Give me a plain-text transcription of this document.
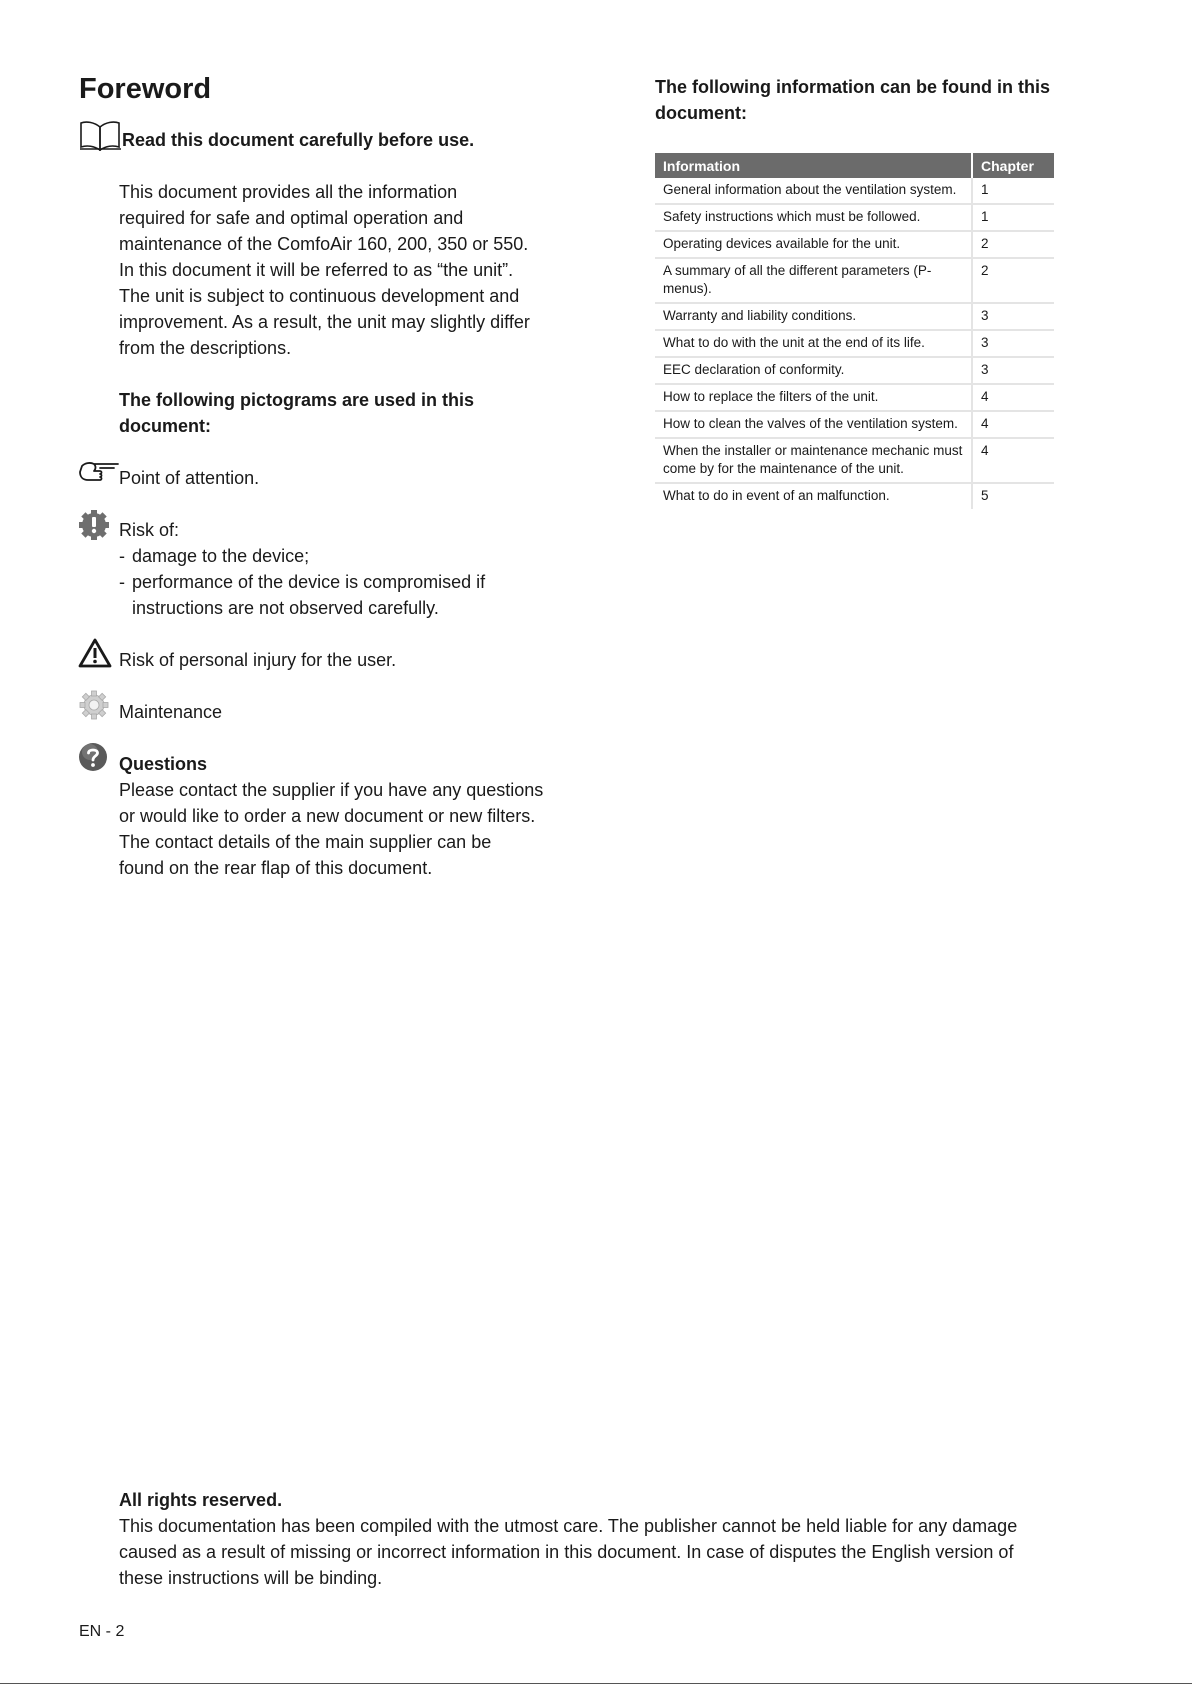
Foreword
Read this document carefully before use.

This document provides all the information

required for safe and optimal operation and

maintenance of the ComfoAir 160, 200, 350 or 550.

In this document it will be referred to as “the unit”.

The unit is subject to continuous development and

improvement. As a result, the unit may slightly differ

from the descriptions.

The following pictograms are used in this

document:

Point of attention.

Risk of:

- damage to the device;
- performance of the device is compromised if
instructions are not observed carefully.

Risk of personal injury for the user.

Maintenance

Questions

Please contact the supplier if you have any questions

or would like to order a new document or new filters.

The contact details of the main supplier can be

found on the rear flap of this document.

The following information can be found in this
document:
Information	Chapter
General information about the ventilation system.	1
Safety instructions which must be followed.	1
Operating devices available for the unit.	2
A summary of all the different parameters (P-menus).	2
Warranty and liability conditions.	3
What to do with the unit at the end of its life.	3
EEC declaration of conformity.	3
How to replace the filters of the unit.	4
How to clean the valves of the ventilation system.	4
When the installer or maintenance mechanic must come by for the maintenance of the unit.	4
What to do in event of an malfunction.	5

All rights reserved.

This documentation has been compiled with the utmost care. The publisher cannot be held liable for any damage

caused as a result of missing or incorrect information in this document. In case of disputes the English version of

these instructions will be binding.

EN - 2
